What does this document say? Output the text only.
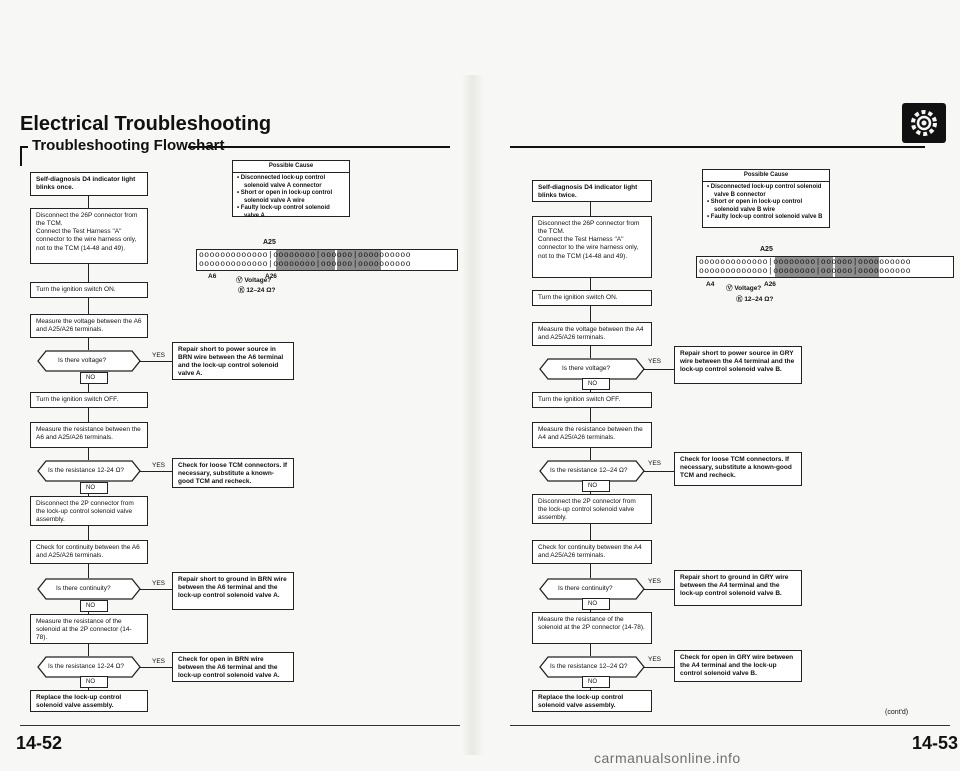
Electrical Troubleshooting
Troubleshooting Flowchart
Self-diagnosis D4 indicator light blinks once.
Disconnect the 26P connector from the TCM.
Connect the Test Harness "A" connector to the wire harness only, not to the TCM (14-48 and 49).
Turn the ignition switch ON.
Measure the voltage between the A6 and A25/A26 terminals.
Is there voltage?
YES
Repair short to power source in BRN wire between the A6 terminal and the lock-up control solenoid valve A.
NO
Turn the ignition switch OFF.
Measure the resistance between the A6 and A25/A26 terminals.
Is the resistance 12-24 Ω?
YES	Check for loose TCM connectors. If necessary, substitute a known-good TCM and recheck.
NO
Disconnect the 2P connector from the lock-up control solenoid valve assembly.
Check for continuity between the A6 and A25/A26 terminals.
Is there continuity?
YES
Repair short to ground in BRN wire between the A6 terminal and the lock-up control solenoid valve A.
NO
Measure the resistance of the solenoid at the 2P connector (14-78).
Is the resistance 12-24 Ω?
YES	Check for open in BRN wire between the A6 terminal and the lock-up control solenoid valve A.
NO
Replace the lock-up control solenoid valve assembly.
Possible Cause
• Disconnected lock-up control solenoid valve A connector
• Short or open in lock-up control solenoid valve A wire
• Faulty lock-up control solenoid valve A
A25
ooooooooooooo|oooooooo|oooooo|oooooooooo
ooooooooooooo|oooooooo|oooooo|oooooooooo
A6
Ⓥ Voltage?
A26
Ⓡ 12–24 Ω?
14-52
Self-diagnosis D4 indicator light blinks twice.
Disconnect the 26P connector from the TCM.
Connect the Test Harness "A" connector to the wire harness only, not to the TCM (14-48 and 49).
Turn the ignition switch ON.
Measure the voltage between the A4 and A25/A26 terminals.
Is there voltage?
YES
Repair short to power source in GRY wire between the A4 terminal and the lock-up control solenoid valve B.
NO
Turn the ignition switch OFF.
Measure the resistance between the A4 and A25/A26 terminals.
Is the resistance 12–24 Ω?
YES
Check for loose TCM connectors. If necessary, substitute a known-good TCM and recheck.
NO
Disconnect the 2P connector from the lock-up control solenoid valve assembly.
Check for continuity between the A4 and A25/A26 terminals.
Is there continuity?
YES
Repair short to ground in GRY wire between the A4 terminal and the lock-up control solenoid valve B.
NO
Measure the resistance of the solenoid at the 2P connector (14-78).
Is the resistance 12–24 Ω?
YES	Check for open in GRY wire between the A4 terminal and the lock-up control solenoid valve B.
NO
Replace the lock-up control solenoid valve assembly.
Possible Cause
• Disconnected lock-up control solenoid valve B connector
• Short or open in lock-up control solenoid valve B wire
• Faulty lock-up control solenoid valve B
A25
ooooooooooooo|oooooooo|oooooo|oooooooooo
ooooooooooooo|oooooooo|oooooo|oooooooooo
A4
Ⓥ Voltage?
A26
Ⓡ 12–24 Ω?
(cont'd)
14-53
carmanualsonline.info
